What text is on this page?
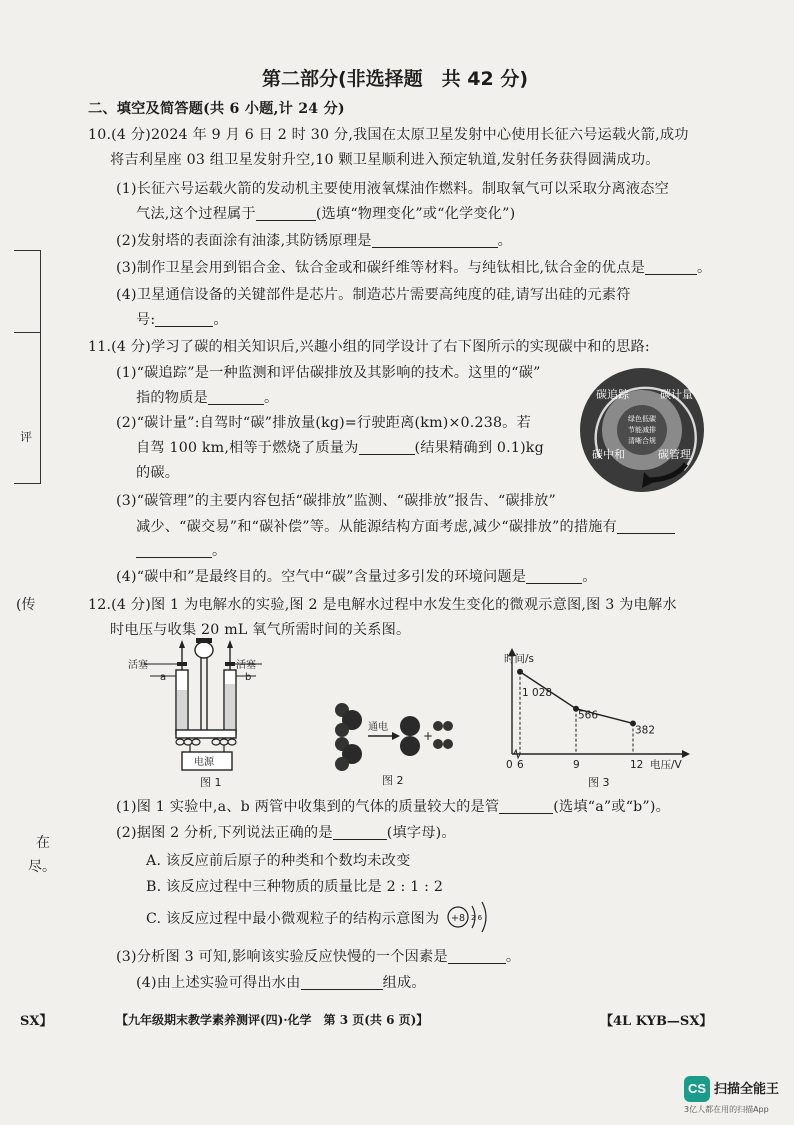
评
(传
在
尽。
第二部分(非选择题　共 42 分)
二、填空及简答题(共 6 小题,计 24 分)
10.(4 分)2024 年 9 月 6 日 2 时 30 分,我国在太原卫星发射中心使用长征六号运载火箭,成功
将吉利星座 03 组卫星发射升空,10 颗卫星顺利进入预定轨道,发射任务获得圆满成功。
(1)长征六号运载火箭的发动机主要使用液氧煤油作燃料。制取氧气可以采取分离液态空
气法,这个过程属于	(选填“物理变化”或“化学变化”)
(2)发射塔的表面涂有油漆,其防锈原理是	。
(3)制作卫星会用到铝合金、钛合金或和碳纤维等材料。与纯钛相比,钛合金的优点是	。
(4)卫星通信设备的关键部件是芯片。制造芯片需要高纯度的硅,请写出硅的元素符
号:	。
11.(4 分)学习了碳的相关知识后,兴趣小组的同学设计了右下图所示的实现碳中和的思路:
(1)“碳追踪”是一种监测和评估碳排放及其影响的技术。这里的“碳”
指的物质是	。
(2)“碳计量”:自驾时“碳”排放量(kg)=行驶距离(km)×0.238。若
自驾 100 km,相等于燃烧了质量为	(结果精确到 0.1)kg
的碳。
(3)“碳管理”的主要内容包括“碳排放”监测、“碳排放”报告、“碳排放”
减少、“碳交易”和“碳补偿”等。从能源结构方面考虑,减少“碳排放”的措施有
。
(4)“碳中和”是最终目的。空气中“碳”含量过多引发的环境问题是	。
碳追踪	碳计量
碳中和	碳管理
绿色低碳
节能减排
清晰合规
12.(4 分)图 1 为电解水的实验,图 2 是电解水过程中水发生变化的微观示意图,图 3 为电解水
时电压与收集 20 mL 氧气所需时间的关系图。
活塞	活塞
a	b
电源
图 1
通电
+
图 2
时间/s
电压/V
1 028
566
382
0 6	9	12
图 3
(1)图 1 实验中,a、b 两管中收集到的气体的质量较大的是管	(选填“a”或“b”)。
(2)据图 2 分析,下列说法正确的是	(填字母)。
A. 该反应前后原子的种类和个数均未改变
B. 该反应过程中三种物质的质量比是 2 : 1 : 2
C. 该反应过程中最小微观粒子的结构示意图为 +8 2 6
(3)分析图 3 可知,影响该实验反应快慢的一个因素是	。
(4)由上述实验可得出水由	组成。
SX】	【九年级期末教学素养测评(四)·化学　第 3 页(共 6 页)】	【4L KYB—SX】
CS 扫描全能王
3亿人都在用的扫描App
